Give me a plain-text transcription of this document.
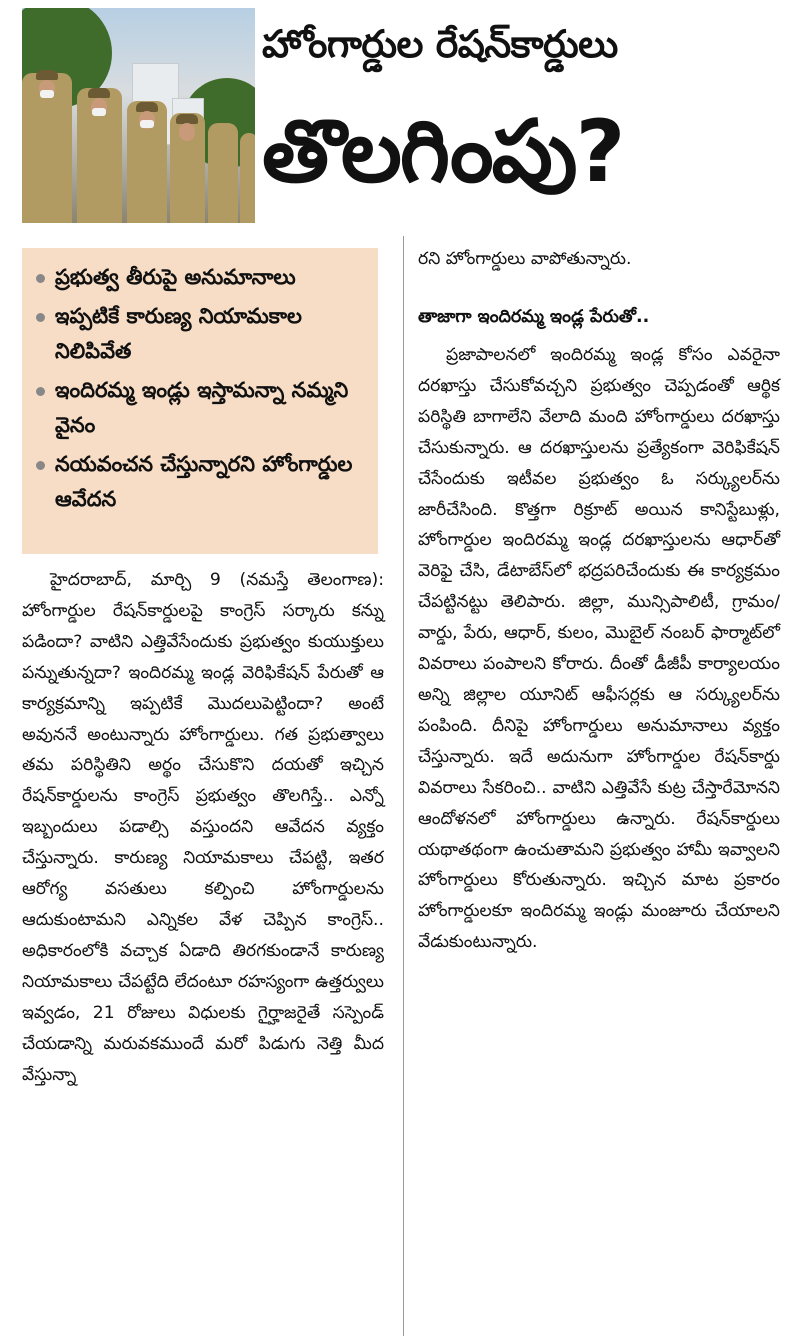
హోంగార్డుల రేషన్‌కార్డులు
తొలగింపు?
ప్రభుత్వ తీరుపై అనుమానాలు
ఇప్పటికే కారుణ్య నియామకాల నిలిపివేత
ఇందిరమ్మ ఇండ్లు ఇస్తామన్నా నమ్మని వైనం
నయవంచన చేస్తున్నారని హోంగార్డుల ఆవేదన

హైదరాబాద్‌, మార్చి 9 (నమస్తే తెలంగాణ): హోంగార్డుల రేషన్‌కార్డులపై కాంగ్రెస్‌ సర్కారు కన్ను పడిందా? వాటిని ఎత్తివేసేందుకు ప్రభుత్వం కుయుక్తులు పన్నుతున్నదా? ఇందిరమ్మ ఇండ్ల వెరిఫికేషన్‌ పేరుతో ఆ కార్యక్రమాన్ని ఇప్పటికే మొదలుపెట్టిందా? అంటే అవుననే అంటున్నారు హోంగార్డులు. గత ప్రభుత్వాలు తమ పరిస్థితిని అర్థం చేసుకొని దయతో ఇచ్చిన రేషన్‌కార్డులను కాంగ్రెస్‌ ప్రభుత్వం తొలగిస్తే.. ఎన్నో ఇబ్బందులు పడాల్సి వస్తుందని ఆవేదన వ్యక్తం చేస్తున్నారు. కారుణ్య నియామకాలు చేపట్టి, ఇతర ఆరోగ్య వసతులు కల్పించి హోంగార్డులను ఆదుకుంటామని ఎన్నికల వేళ చెప్పిన కాంగ్రెస్‌.. అధికారంలోకి వచ్చాక ఏడాది తిరగకుండానే కారుణ్య నియామకాలు చేపట్టేది లేదంటూ రహస్యంగా ఉత్తర్వులు ఇవ్వడం, 21 రోజులు విధులకు గైర్హాజరైతే సస్పెండ్‌ చేయడాన్ని మరువకముందే మరో పిడుగు నెత్తి మీద వేస్తున్నా

రని హోంగార్డులు వాపోతున్నారు.
తాజాగా ఇందిరమ్మ ఇండ్ల పేరుతో..

ప్రజాపాలనలో ఇందిరమ్మ ఇండ్ల కోసం ఎవరైనా దరఖాస్తు చేసుకోవచ్చని ప్రభుత్వం చెప్పడంతో ఆర్థిక పరిస్థితి బాగాలేని వేలాది మంది హోంగార్డులు దరఖాస్తు చేసుకున్నారు. ఆ దరఖాస్తులను ప్రత్యేకంగా వెరిఫికేషన్‌ చేసేందుకు ఇటీవల ప్రభుత్వం ఓ సర్క్యులర్‌ను జారీచేసింది. కొత్తగా రిక్రూట్‌ అయిన కానిస్టేబుళ్లు, హోంగార్డుల ఇందిరమ్మ ఇండ్ల దరఖాస్తులను ఆధార్‌తో వెరిఫై చేసి, డేటాబేస్‌లో భద్రపరిచేందుకు ఈ కార్యక్రమం చేపట్టినట్టు తెలిపారు. జిల్లా, మున్సిపాలిటీ, గ్రామం/వార్డు, పేరు, ఆధార్‌, కులం, మొబైల్‌ నంబర్‌ ఫార్మాట్‌లో వివరాలు పంపాలని కోరారు. దీంతో డీజీపీ కార్యాలయం అన్ని జిల్లాల యూనిట్‌ ఆఫీసర్లకు ఆ సర్క్యులర్‌ను పంపింది. దీనిపై హోంగార్డులు అనుమానాలు వ్యక్తం చేస్తున్నారు. ఇదే అదునుగా హోంగార్డుల రేషన్‌కార్డు వివరాలు సేకరించి.. వాటిని ఎత్తివేసే కుట్ర చేస్తారేమోనని ఆందోళనలో హోంగార్డులు ఉన్నారు. రేషన్‌కార్డులు యథాతథంగా ఉంచుతామని ప్రభుత్వం హామీ ఇవ్వాలని హోంగార్డులు కోరుతున్నారు. ఇచ్చిన మాట ప్రకారం హోంగార్డులకూ ఇందిరమ్మ ఇండ్లు మంజూరు చేయాలని వేడుకుంటున్నారు.
